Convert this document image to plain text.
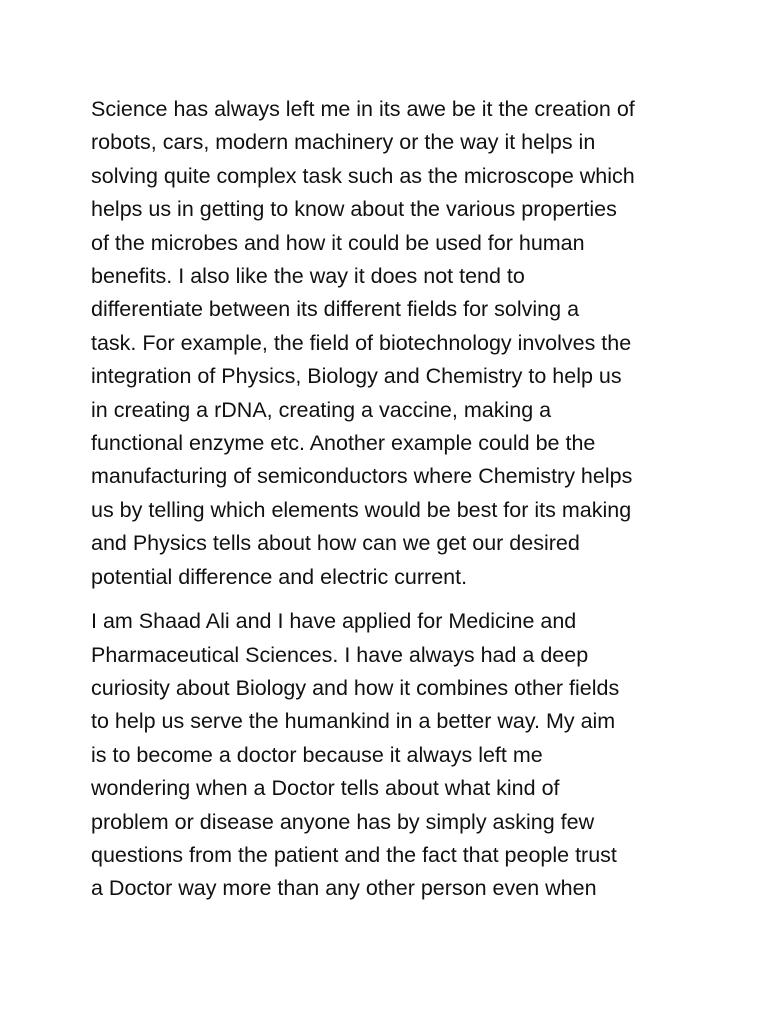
Science has always left me in its awe be it the creation of
robots, cars, modern machinery or the way it helps in
solving quite complex task such as the microscope which
helps us in getting to know about the various properties
of the microbes and how it could be used for human
benefits. I also like the way it does not tend to
differentiate between its different fields for solving a
task. For example, the field of biotechnology involves the
integration of Physics, Biology and Chemistry to help us
in creating a rDNA, creating a vaccine, making a
functional enzyme etc. Another example could be the
manufacturing of semiconductors where Chemistry helps
us by telling which elements would be best for its making
and Physics tells about how can we get our desired
potential difference and electric current.
I am Shaad Ali and I have applied for Medicine and
Pharmaceutical Sciences. I have always had a deep
curiosity about Biology and how it combines other fields
to help us serve the humankind in a better way. My aim
is to become a doctor because it always left me
wondering when a Doctor tells about what kind of
problem or disease anyone has by simply asking few
questions from the patient and the fact that people trust
a Doctor way more than any other person even when
